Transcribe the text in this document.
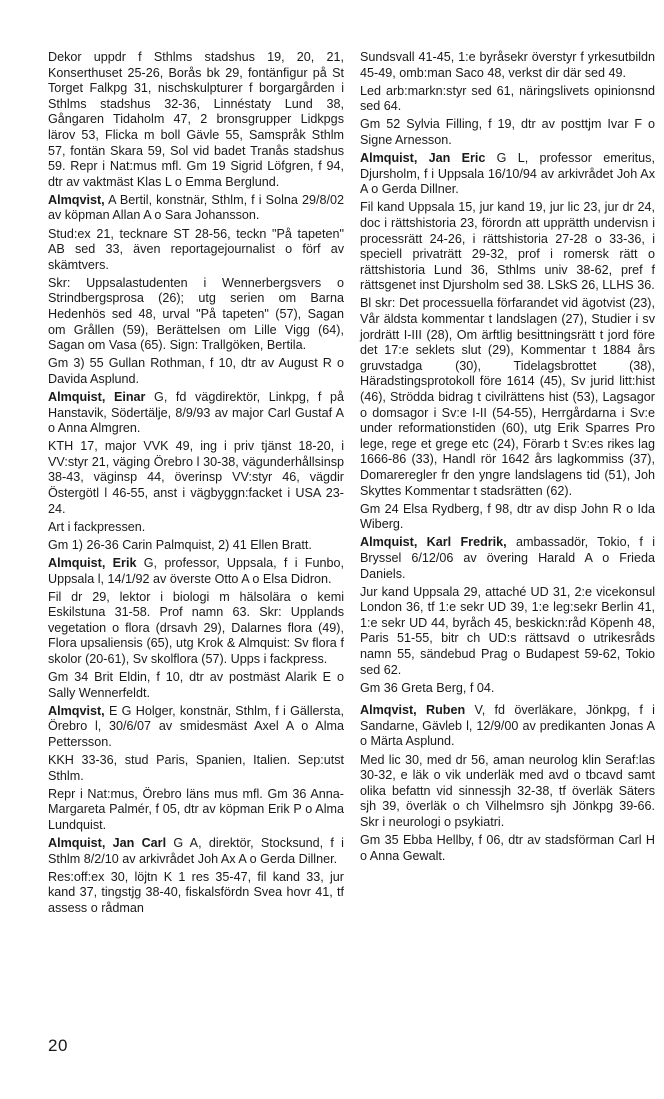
Dekor uppdr f Sthlms stadshus 19, 20, 21, Konserthuset 25-26, Borås bk 29, fontänfigur på St Torget Falkpg 31, nischskulpturer f borgargården i Sthlms stadshus 32-36, Linnéstaty Lund 38, Gångaren Tidaholm 47, 2 bronsgrupper Lidkpgs lärov 53, Flicka m boll Gävle 55, Samspråk Sthlm 57, fontän Skara 59, Sol vid badet Tranås stadshus 59. Repr i Nat:mus mfl. Gm 19 Sigrid Löfgren, f 94, dtr av vaktmäst Klas L o Emma Berglund.

Almqvist, A Bertil, konstnär, Sthlm, f i Solna 29/8/02 av köpman Allan A o Sara Johansson.

Stud:ex 21, tecknare ST 28-56, teckn "På tapeten" AB sed 33, även reportagejournalist o förf av skämtvers.

Skr: Uppsalastudenten i Wennerbergsvers o Strindbergsprosa (26); utg serien om Barna Hedenhös sed 48, urval "På tapeten" (57), Sagan om Grållen (59), Berättelsen om Lille Vigg (64), Sagan om Vasa (65). Sign: Trallgöken, Bertila.

Gm 3) 55 Gullan Rothman, f 10, dtr av August R o Davida Asplund.

Almquist, Einar G, fd vägdirektör, Linkpg, f på Hanstavik, Södertälje, 8/9/93 av major Carl Gustaf A o Anna Almgren.

KTH 17, major VVK 49, ing i priv tjänst 18-20, i VV:styr 21, väging Örebro l 30-38, vägunderhållsinsp 38-43, väginsp 44, överinsp VV:styr 46, vägdir Östergötl l 46-55, anst i vägbyggn:facket i USA 23-24.

Art i fackpressen.

Gm 1) 26-36 Carin Palmquist, 2) 41 Ellen Bratt.

Almquist, Erik G, professor, Uppsala, f i Funbo, Uppsala l, 14/1/92 av överste Otto A o Elsa Didron.

Fil dr 29, lektor i biologi m hälsolära o kemi Eskilstuna 31-58. Prof namn 63. Skr: Upplands vegetation o flora (drsavh 29), Dalarnes flora (49), Flora upsaliensis (65), utg Krok & Almquist: Sv flora f skolor (20-61), Sv skolflora (57). Upps i fackpress.

Gm 34 Brit Eldin, f 10, dtr av postmäst Alarik E o Sally Wennerfeldt.

Almqvist, E G Holger, konstnär, Sthlm, f i Gällersta, Örebro l, 30/6/07 av smidesmäst Axel A o Alma Pettersson.

KKH 33-36, stud Paris, Spanien, Italien. Sep:utst Sthlm.

Repr i Nat:mus, Örebro läns mus mfl. Gm 36 Anna-Margareta Palmér, f 05, dtr av köpman Erik P o Alma Lundquist.

Almquist, Jan Carl G A, direktör, Stocksund, f i Sthlm 8/2/10 av arkivrådet Joh Ax A o Gerda Dillner.

Res:off:ex 30, löjtn K 1 res 35-47, fil kand 33, jur kand 37, tingstjg 38-40, fiskalsfördn Svea hovr 41, tf assess o rådman

Sundsvall 41-45, 1:e byråsekr överstyr f yrkesutbildn 45-49, omb:man Saco 48, verkst dir där sed 49.

Led arb:markn:styr sed 61, näringslivets opinionsnd sed 64.

Gm 52 Sylvia Filling, f 19, dtr av posttjm Ivar F o Signe Arnesson.

Almquist, Jan Eric G L, professor emeritus, Djursholm, f i Uppsala 16/10/94 av arkivrådet Joh Ax A o Gerda Dillner.

Fil kand Uppsala 15, jur kand 19, jur lic 23, jur dr 24, doc i rättshistoria 23, förordn att upprätth undervisn i processrätt 24-26, i rättshistoria 27-28 o 33-36, i speciell privaträtt 29-32, prof i romersk rätt o rättshistoria Lund 36, Sthlms univ 38-62, pref f rättsgenet inst Djursholm sed 38. LSkS 26, LLHS 36.

Bl skr: Det processuella förfarandet vid ägotvist (23), Vår äldsta kommentar t landslagen (27), Studier i sv jordrätt I-III (28), Om ärftlig besittningsrätt t jord före det 17:e seklets slut (29), Kommentar t 1884 års gruvstadga (30), Tidelagsbrottet (38), Häradstingsprotokoll före 1614 (45), Sv jurid litt:hist (46), Strödda bidrag t civilrättens hist (53), Lagsagor o domsagor i Sv:e I-II (54-55), Herrgårdarna i Sv:e under reformationstiden (60), utg Erik Sparres Pro lege, rege et grege etc (24), Förarb t Sv:es rikes lag 1666-86 (33), Handl rör 1642 års lagkommiss (37), Domareregler fr den yngre landslagens tid (51), Joh Skyttes Kommentar t stadsrätten (62).

Gm 24 Elsa Rydberg, f 98, dtr av disp John R o Ida Wiberg.

Almquist, Karl Fredrik, ambassadör, Tokio, f i Bryssel 6/12/06 av övering Harald A o Frieda Daniels.

Jur kand Uppsala 29, attaché UD 31, 2:e vicekonsul London 36, tf 1:e sekr UD 39, 1:e leg:sekr Berlin 41, 1:e sekr UD 44, byråch 45, beskickn:råd Köpenh 48, Paris 51-55, bitr ch UD:s rättsavd o utrikesråds namn 55, sändebud Prag o Budapest 59-62, Tokio sed 62.

Gm 36 Greta Berg, f 04.

Almqvist, Ruben V, fd överläkare, Jönkpg, f i Sandarne, Gävleb l, 12/9/00 av predikanten Jonas A o Märta Asplund.

Med lic 30, med dr 56, aman neurolog klin Seraf:las 30-32, e läk o vik underläk med avd o tbcavd samt olika befattn vid sinnessjh 32-38, tf överläk Säters sjh 39, överläk o ch Vilhelmsro sjh Jönkpg 39-66. Skr i neurologi o psykiatri.

Gm 35 Ebba Hellby, f 06, dtr av stadsförman Carl H o Anna Gewalt.

20
